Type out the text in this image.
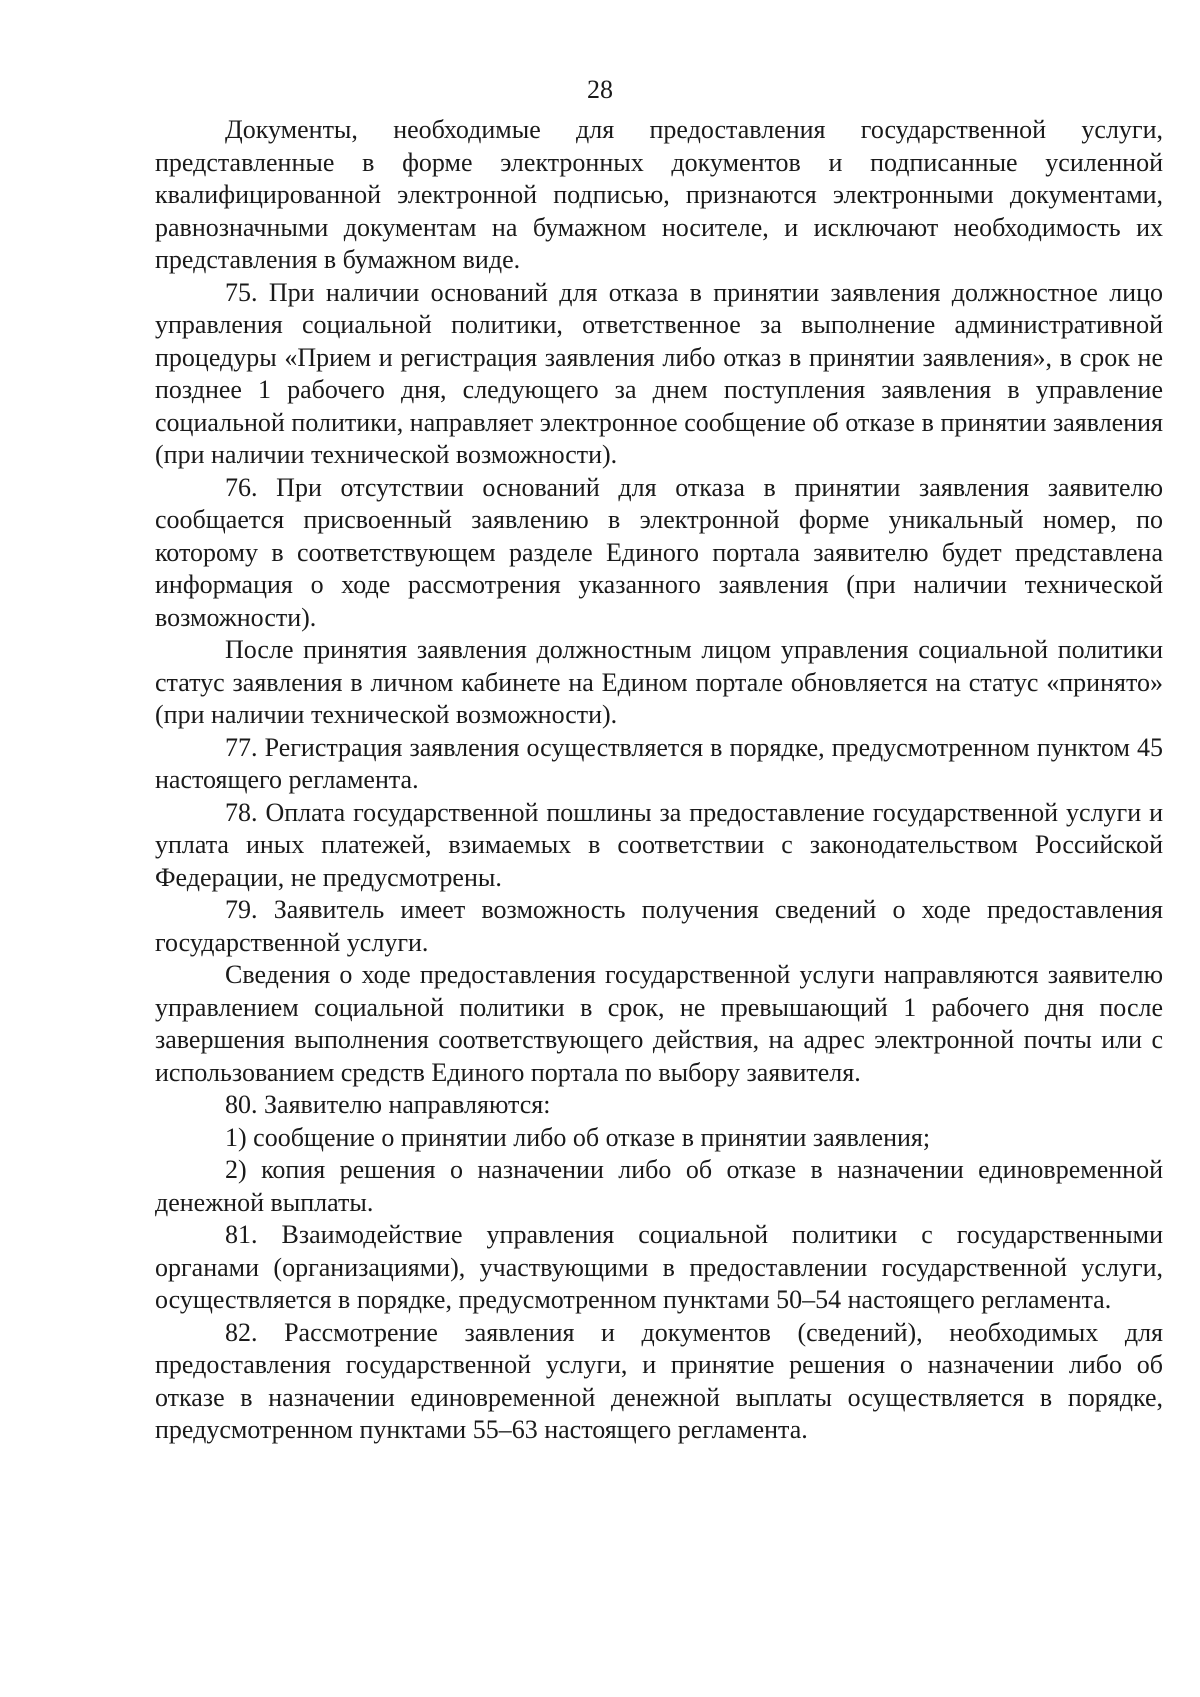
28

Документы, необходимые для предоставления государственной услуги, представленные в форме электронных документов и подписанные усиленной квалифицированной электронной подписью, признаются электронными документами, равнозначными документам на бумажном носителе, и исключают необходимость их представления в бумажном виде.

75. При наличии оснований для отказа в принятии заявления должностное лицо управления социальной политики, ответственное за выполнение административной процедуры «Прием и регистрация заявления либо отказ в принятии заявления», в срок не позднее 1 рабочего дня, следующего за днем поступления заявления в управление социальной политики, направляет электронное сообщение об отказе в принятии заявления (при наличии технической возможности).

76. При отсутствии оснований для отказа в принятии заявления заявителю сообщается присвоенный заявлению в электронной форме уникальный номер, по которому в соответствующем разделе Единого портала заявителю будет представлена информация о ходе рассмотрения указанного заявления (при наличии технической возможности).

После принятия заявления должностным лицом управления социальной политики статус заявления в личном кабинете на Едином портале обновляется на статус «принято» (при наличии технической возможности).

77. Регистрация заявления осуществляется в порядке, предусмотренном пунктом 45 настоящего регламента.

78. Оплата государственной пошлины за предоставление государственной услуги и уплата иных платежей, взимаемых в соответствии с законодательством Российской Федерации, не предусмотрены.

79. Заявитель имеет возможность получения сведений о ходе предоставления государственной услуги.

Сведения о ходе предоставления государственной услуги направляются заявителю управлением социальной политики в срок, не превышающий 1 рабочего дня после завершения выполнения соответствующего действия, на адрес электронной почты или с использованием средств Единого портала по выбору заявителя.

80. Заявителю направляются:

1) сообщение о принятии либо об отказе в принятии заявления;

2) копия решения о назначении либо об отказе в назначении единовременной денежной выплаты.

81. Взаимодействие управления социальной политики с государственными органами (организациями), участвующими в предоставлении государственной услуги, осуществляется в порядке, предусмотренном пунктами 50–54 настоящего регламента.

82. Рассмотрение заявления и документов (сведений), необходимых для предоставления государственной услуги, и принятие решения о назначении либо об отказе в назначении единовременной денежной выплаты осуществляется в порядке, предусмотренном пунктами 55–63 настоящего регламента.
